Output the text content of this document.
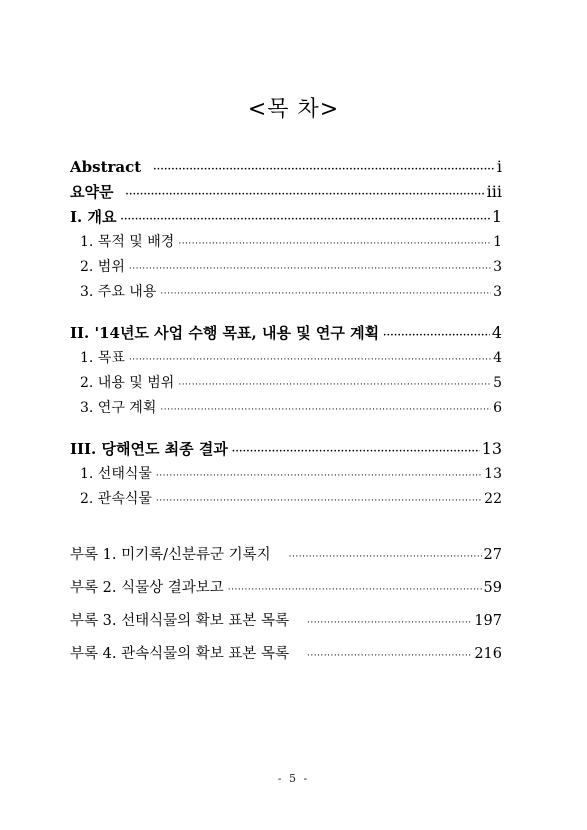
<목 차>
Abstract ·····	i
요약문 ·····	iii
I. 개요 ·····	1
1. 목적 및 배경 ·····	1
2. 범위 ·····	3
3. 주요 내용 ·····	3
II. '14년도 사업 수행 목표, 내용 및 연구 계획 ·····	4
1. 목표 ·····	4
2. 내용 및 범위 ·····	5
3. 연구 계획 ·····	6
III. 당해연도 최종 결과 ·····	13
1. 선태식물 ·····	13
2. 관속식물 ·····	22
부록 1. 미기록/신분류군 기록지 ·····	27
부록 2. 식물상 결과보고 ·····	59
부록 3. 선태식물의 확보 표본 목록 ·····	197
부록 4. 관속식물의 확보 표본 목록 ·····	216
- 5 -
